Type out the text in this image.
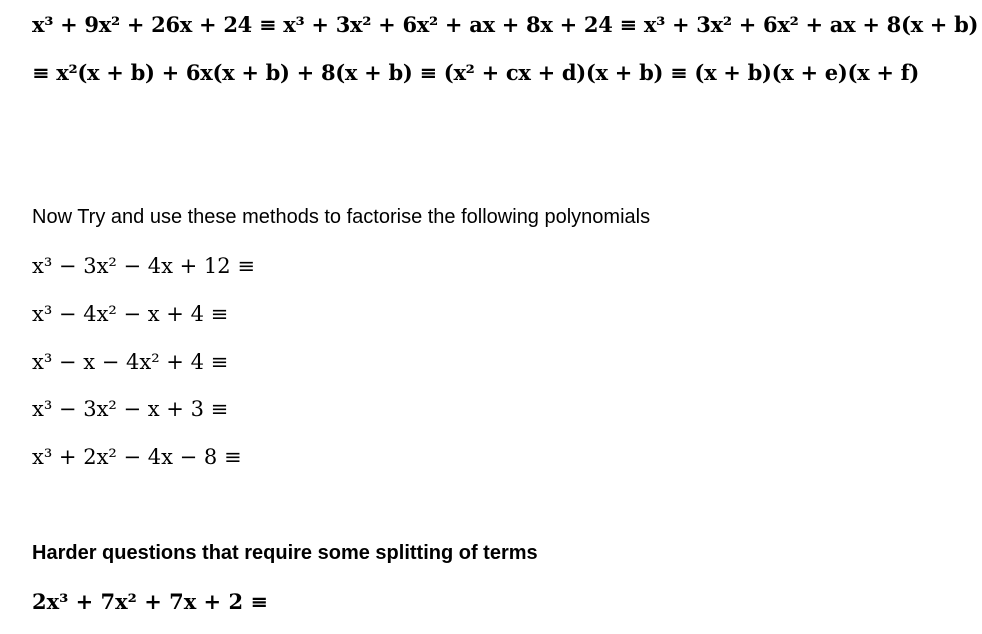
x³ + 9x² + 26x + 24 ≡ x³ + 3x² + 6x² + ax + 8x + 24 ≡ x³ + 3x² + 6x² + ax + 8(x + b)
≡ x²(x + b) + 6x(x + b) + 8(x + b) ≡ (x² + cx + d)(x + b) ≡ (x + b)(x + e)(x + f)
Now Try and use these methods to factorise the following polynomials
x³ − 3x² − 4x + 12 ≡
x³ − 4x² − x + 4 ≡
x³ − x − 4x² + 4 ≡
x³ − 3x² − x + 3 ≡
x³ + 2x² − 4x − 8 ≡
Harder questions that require some splitting of terms
2x³ + 7x² + 7x + 2 ≡
